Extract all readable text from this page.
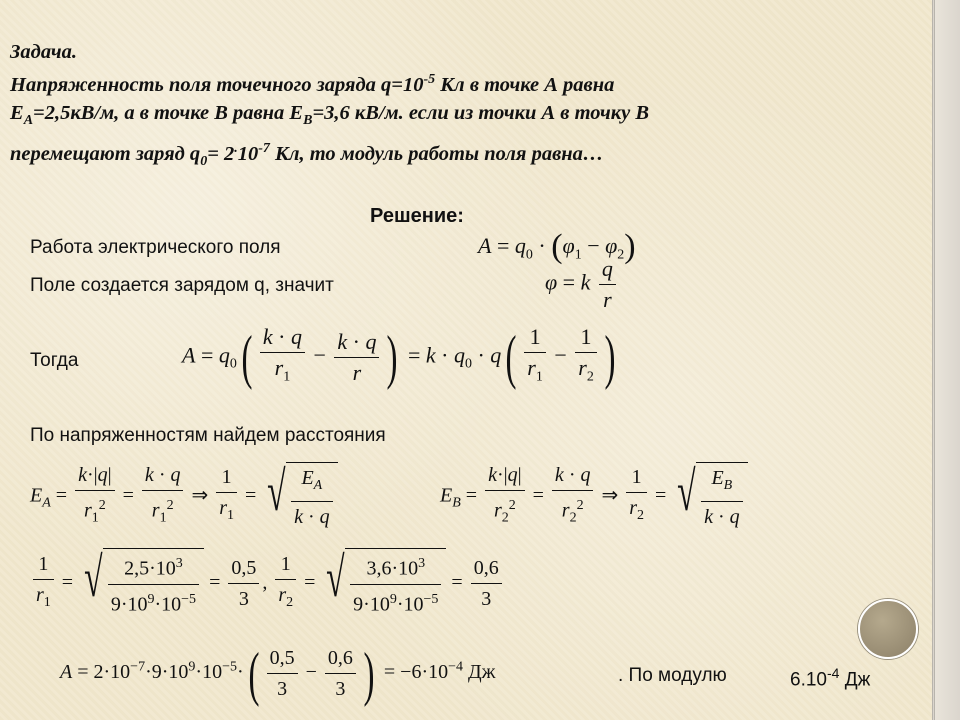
Задача.
Напряженность поля точечного заряда $q=10^{-5}$ Кл в точке А равна
$E_A=2,5кВ/м$, а в точке В равна $E_B=3,6$ кВ/м. если из точки А в точку В
перемещают заряд $q_0= 2^.10^{-7}$ Кл, то модуль работы поля равна…
Решение:
Работа электрического поля
Поле создается зарядом q, значит
Тогда
По напряженностям найдем расстояния
$A = q_0 \cdot (\varphi_1 - \varphi_2)$
φ = k $\frac{q}{r}$
$A = q_0( \frac{k \cdot q}{r_1} - \frac{k \cdot q}{r}$ ) = $k \cdot q_0 \cdot q( \frac{1}{r_1} - \frac{1}{r_2}$ )
$E_A = \frac{k\cdot|q|}{r_1^2} = \frac{k \cdot q}{r_1^2}$ ⇒ $\frac{1}{r_1}$ = √ $\frac{E_A}{k \cdot q}$	$E_B = \frac{k\cdot|q|}{r_2^2} = \frac{k \cdot q}{r_2^2}$ ⇒ $\frac{1}{r_2}$ = √ $\frac{E_B}{k \cdot q}$
$\frac{1}{r_1}$ = √ $\frac{2,5\cdot 10^3}{9\cdot 10^9\cdot 10^{-5}} = \frac{0,5}{3}$ , $\frac{1}{r_2}$ = √ $\frac{3,6\cdot 10^3}{9\cdot 10^9\cdot 10^{-5}} = \frac{0,6}{3}$
$A = 2\cdot 10^{-7}\cdot 9\cdot 10^9\cdot 10^{-5}\cdot( \frac{0,5}{3} - \frac{0,6}{3}$ ) = $-6\cdot 10^{-4}$ Дж	. По модулю	$6.10^{-4}$ Дж
